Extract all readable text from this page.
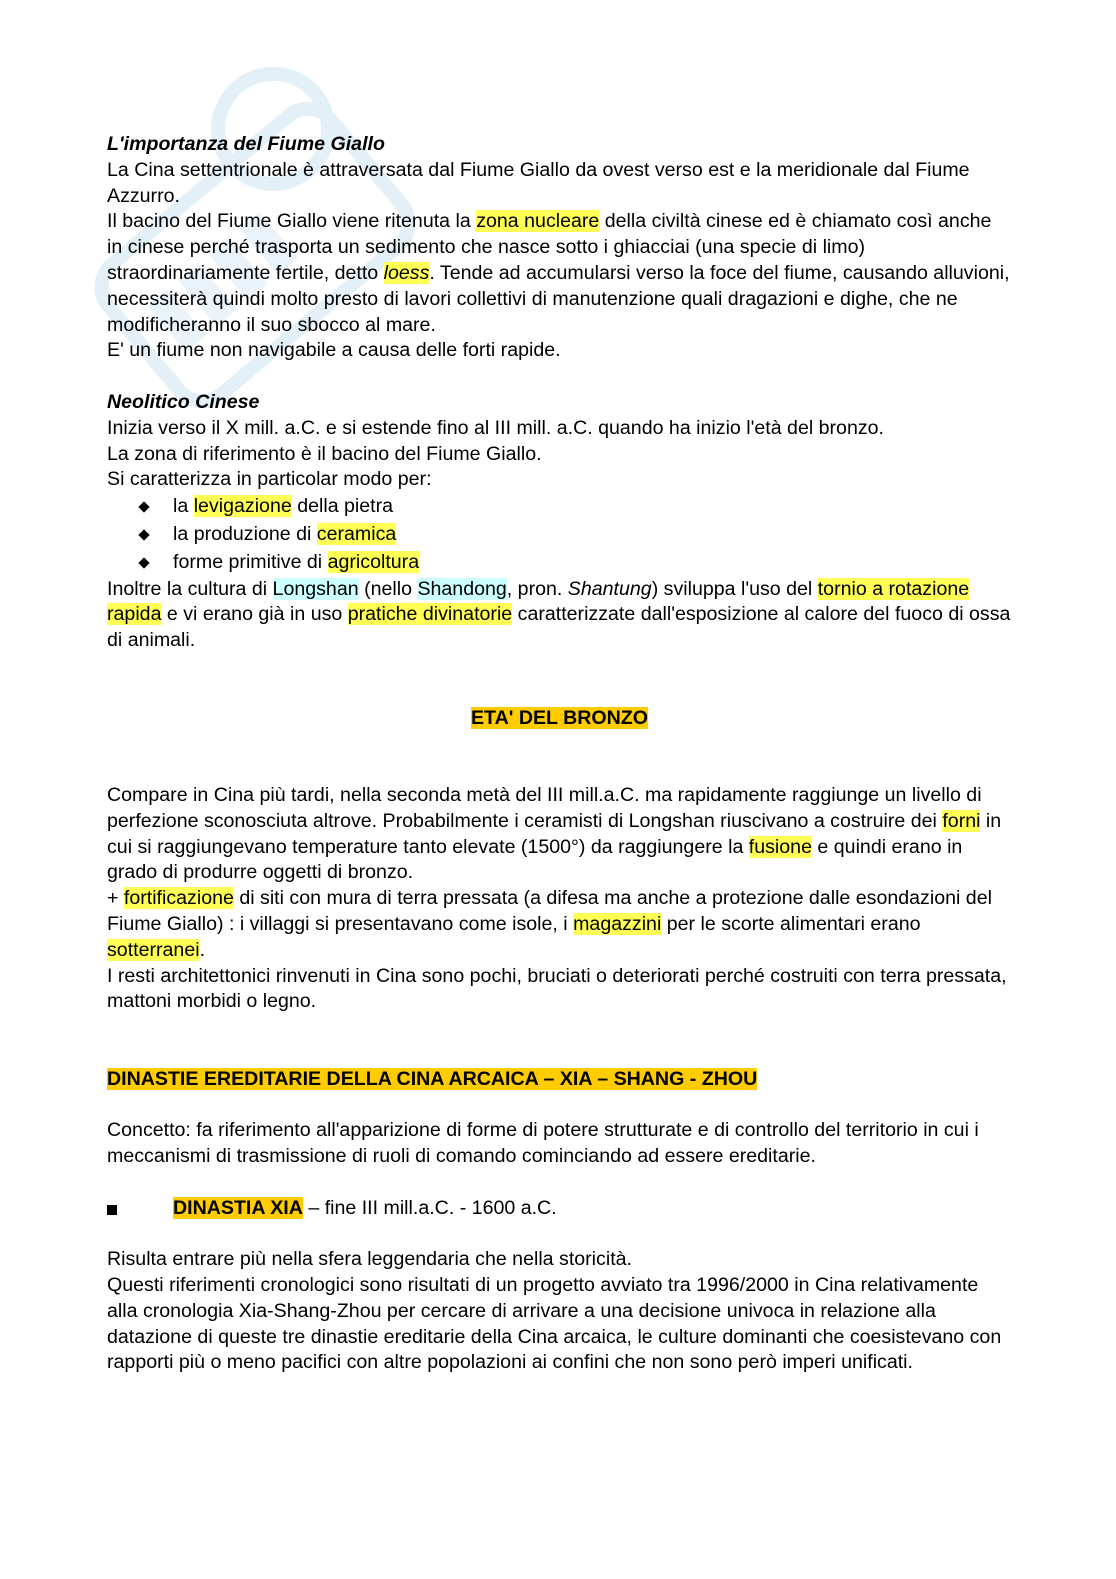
L'importanza del Fiume Giallo

La Cina settentrionale è attraversata dal Fiume Giallo da ovest verso est e la meridionale dal Fiume Azzurro.

Il bacino del Fiume Giallo viene ritenuta la zona nucleare della civiltà cinese ed è chiamato così anche in cinese perché trasporta un sedimento che nasce sotto i ghiacciai (una specie di limo) straordinariamente fertile, detto loess. Tende ad accumularsi verso la foce del fiume, causando alluvioni, necessiterà quindi molto presto di lavori collettivi di manutenzione quali dragazioni e dighe, che ne modificheranno il suo sbocco al mare.

E' un fiume non navigabile a causa delle forti rapide.

Neolitico Cinese

Inizia verso il X mill. a.C. e si estende fino al III mill. a.C. quando ha inizio l'età del bronzo.

La zona di riferimento è il bacino del Fiume Giallo.

Si caratterizza in particolar modo per:

la levigazione della pietra
la produzione di ceramica
forme primitive di agricoltura

Inoltre la cultura di Longshan (nello Shandong, pron. Shantung) sviluppa l'uso del tornio a rotazione rapida e vi erano già in uso pratiche divinatorie caratterizzate dall'esposizione al calore del fuoco di ossa di animali.

ETA' DEL BRONZO

Compare in Cina più tardi, nella seconda metà del III mill.a.C. ma rapidamente raggiunge un livello di perfezione sconosciuta altrove. Probabilmente i ceramisti di Longshan riuscivano a costruire dei forni in cui si raggiungevano temperature tanto elevate (1500°) da raggiungere la fusione e quindi erano in grado di produrre oggetti di bronzo.

+ fortificazione di siti con mura di terra pressata (a difesa ma anche a protezione dalle esondazioni del Fiume Giallo) : i villaggi si presentavano come isole, i magazzini per le scorte alimentari erano sotterranei.

I resti architettonici rinvenuti in Cina sono pochi, bruciati o deteriorati perché costruiti con terra pressata, mattoni morbidi o legno.

DINASTIE EREDITARIE DELLA CINA ARCAICA – XIA – SHANG - ZHOU

Concetto: fa riferimento all'apparizione di forme di potere strutturate e di controllo del territorio in cui i meccanismi di trasmissione di ruoli di comando cominciando ad essere ereditarie.

DINASTIA XIA – fine III mill.a.C. - 1600 a.C.

Risulta entrare più nella sfera leggendaria che nella storicità.

Questi riferimenti cronologici sono risultati di un progetto avviato tra 1996/2000 in Cina relativamente alla cronologia Xia-Shang-Zhou per cercare di arrivare a una decisione univoca in relazione alla datazione di queste tre dinastie ereditarie della Cina arcaica, le culture dominanti che coesistevano con rapporti più o meno pacifici con altre popolazioni ai confini che non sono però imperi unificati.
